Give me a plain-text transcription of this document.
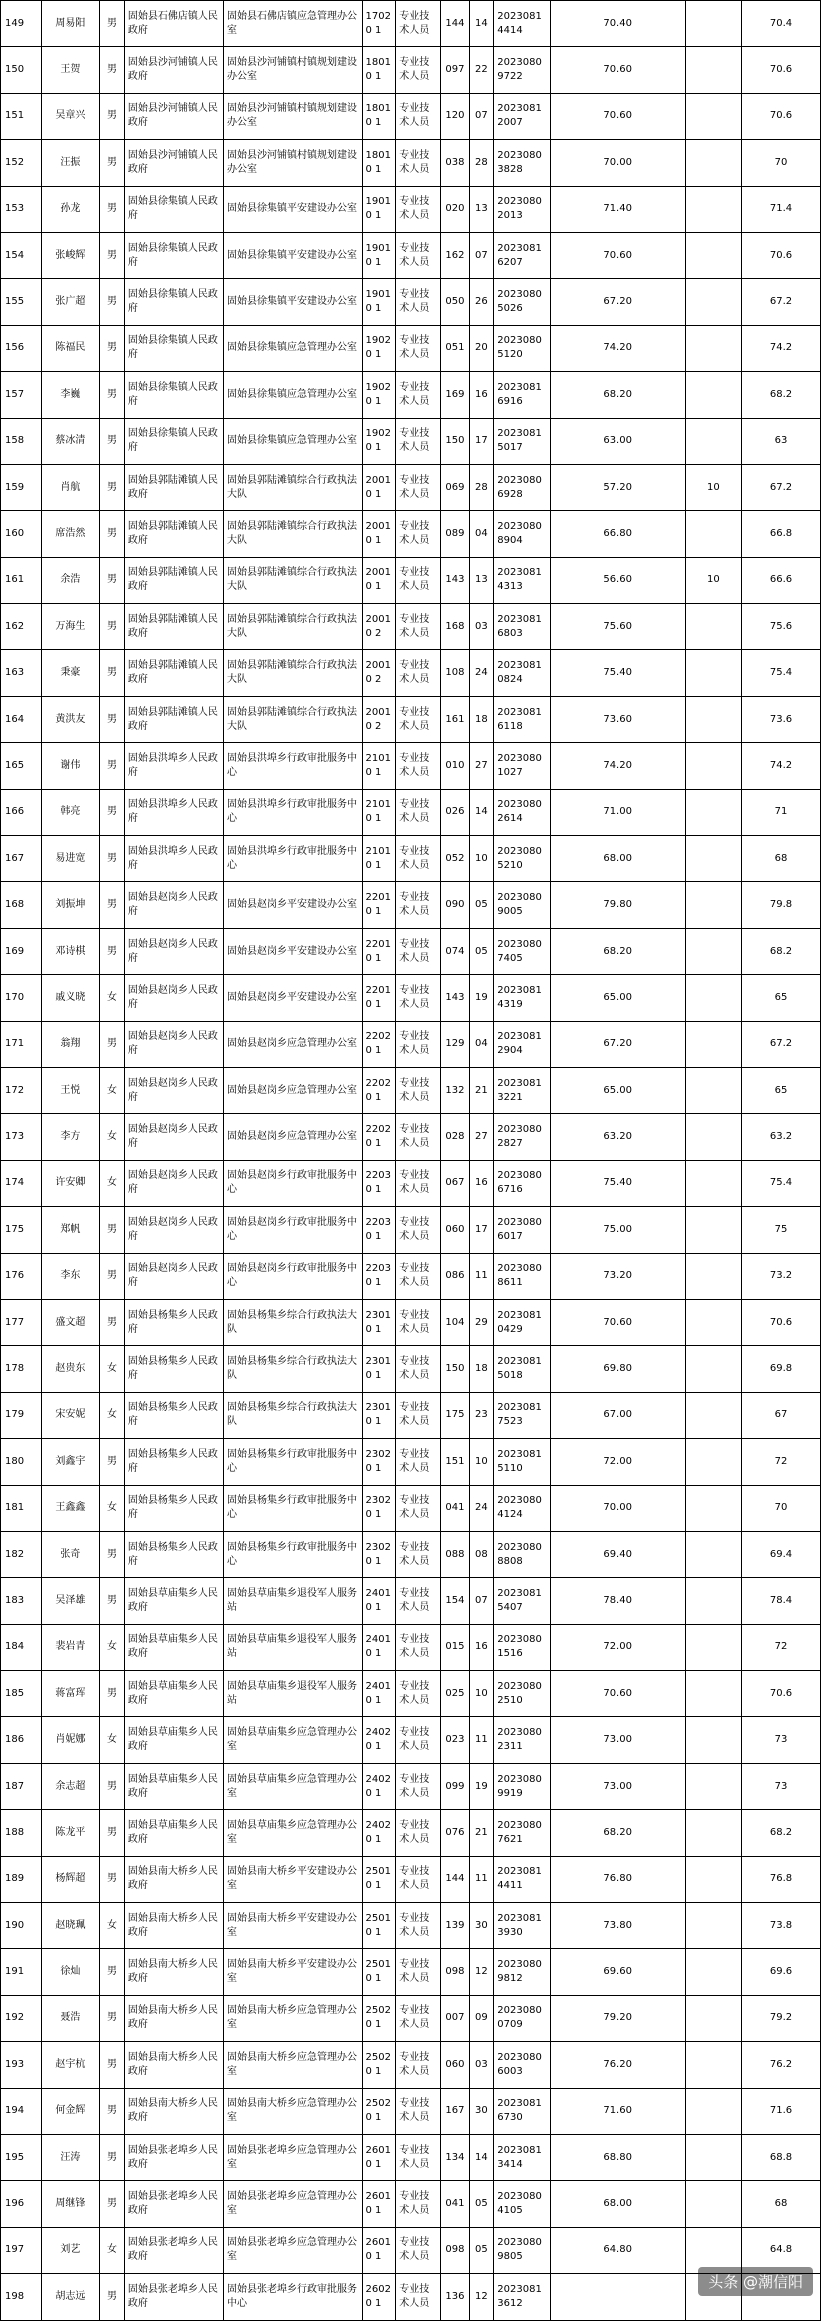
149	周易阳	男	固始县石佛店镇人民政府	固始县石佛店镇应急管理办公室	17020 1	专业技术人员	144	14	2023081 4414	70.40		70.4
150	王贺	男	固始县沙河铺镇人民政府	固始县沙河铺镇村镇规划建设办公室	18010 1	专业技术人员	097	22	2023080 9722	70.60		70.6
151	吴章兴	男	固始县沙河铺镇人民政府	固始县沙河铺镇村镇规划建设办公室	18010 1	专业技术人员	120	07	2023081 2007	70.60		70.6
152	汪振	男	固始县沙河铺镇人民政府	固始县沙河铺镇村镇规划建设办公室	18010 1	专业技术人员	038	28	2023080 3828	70.00		70
153	孙龙	男	固始县徐集镇人民政府	固始县徐集镇平安建设办公室	19010 1	专业技术人员	020	13	2023080 2013	71.40		71.4
154	张峻辉	男	固始县徐集镇人民政府	固始县徐集镇平安建设办公室	19010 1	专业技术人员	162	07	2023081 6207	70.60		70.6
155	张广超	男	固始县徐集镇人民政府	固始县徐集镇平安建设办公室	19010 1	专业技术人员	050	26	2023080 5026	67.20		67.2
156	陈福民	男	固始县徐集镇人民政府	固始县徐集镇应急管理办公室	19020 1	专业技术人员	051	20	2023080 5120	74.20		74.2
157	李巍	男	固始县徐集镇人民政府	固始县徐集镇应急管理办公室	19020 1	专业技术人员	169	16	2023081 6916	68.20		68.2
158	蔡冰清	男	固始县徐集镇人民政府	固始县徐集镇应急管理办公室	19020 1	专业技术人员	150	17	2023081 5017	63.00		63
159	肖航	男	固始县郭陆滩镇人民政府	固始县郭陆滩镇综合行政执法大队	20010 1	专业技术人员	069	28	2023080 6928	57.20	10	67.2
160	席浩然	男	固始县郭陆滩镇人民政府	固始县郭陆滩镇综合行政执法大队	20010 1	专业技术人员	089	04	2023080 8904	66.80		66.8
161	余浩	男	固始县郭陆滩镇人民政府	固始县郭陆滩镇综合行政执法大队	20010 1	专业技术人员	143	13	2023081 4313	56.60	10	66.6
162	万海生	男	固始县郭陆滩镇人民政府	固始县郭陆滩镇综合行政执法大队	20010 2	专业技术人员	168	03	2023081 6803	75.60		75.6
163	秉豪	男	固始县郭陆滩镇人民政府	固始县郭陆滩镇综合行政执法大队	20010 2	专业技术人员	108	24	2023081 0824	75.40		75.4
164	黄洪友	男	固始县郭陆滩镇人民政府	固始县郭陆滩镇综合行政执法大队	20010 2	专业技术人员	161	18	2023081 6118	73.60		73.6
165	谢伟	男	固始县洪埠乡人民政府	固始县洪埠乡行政审批服务中心	21010 1	专业技术人员	010	27	2023080 1027	74.20		74.2
166	韩亮	男	固始县洪埠乡人民政府	固始县洪埠乡行政审批服务中心	21010 1	专业技术人员	026	14	2023080 2614	71.00		71
167	易进宽	男	固始县洪埠乡人民政府	固始县洪埠乡行政审批服务中心	21010 1	专业技术人员	052	10	2023080 5210	68.00		68
168	刘振坤	男	固始县赵岗乡人民政府	固始县赵岗乡平安建设办公室	22010 1	专业技术人员	090	05	2023080 9005	79.80		79.8
169	邓诗棋	男	固始县赵岗乡人民政府	固始县赵岗乡平安建设办公室	22010 1	专业技术人员	074	05	2023080 7405	68.20		68.2
170	戚义晓	女	固始县赵岗乡人民政府	固始县赵岗乡平安建设办公室	22010 1	专业技术人员	143	19	2023081 4319	65.00		65
171	翁翔	男	固始县赵岗乡人民政府	固始县赵岗乡应急管理办公室	22020 1	专业技术人员	129	04	2023081 2904	67.20		67.2
172	王悦	女	固始县赵岗乡人民政府	固始县赵岗乡应急管理办公室	22020 1	专业技术人员	132	21	2023081 3221	65.00		65
173	李方	女	固始县赵岗乡人民政府	固始县赵岗乡应急管理办公室	22020 1	专业技术人员	028	27	2023080 2827	63.20		63.2
174	许安卿	女	固始县赵岗乡人民政府	固始县赵岗乡行政审批服务中心	22030 1	专业技术人员	067	16	2023080 6716	75.40		75.4
175	郑帆	男	固始县赵岗乡人民政府	固始县赵岗乡行政审批服务中心	22030 1	专业技术人员	060	17	2023080 6017	75.00		75
176	李东	男	固始县赵岗乡人民政府	固始县赵岗乡行政审批服务中心	22030 1	专业技术人员	086	11	2023080 8611	73.20		73.2
177	盛文超	男	固始县杨集乡人民政府	固始县杨集乡综合行政执法大队	23010 1	专业技术人员	104	29	2023081 0429	70.60		70.6
178	赵贵东	女	固始县杨集乡人民政府	固始县杨集乡综合行政执法大队	23010 1	专业技术人员	150	18	2023081 5018	69.80		69.8
179	宋安妮	女	固始县杨集乡人民政府	固始县杨集乡综合行政执法大队	23010 1	专业技术人员	175	23	2023081 7523	67.00		67
180	刘鑫宇	男	固始县杨集乡人民政府	固始县杨集乡行政审批服务中心	23020 1	专业技术人员	151	10	2023081 5110	72.00		72
181	王鑫鑫	女	固始县杨集乡人民政府	固始县杨集乡行政审批服务中心	23020 1	专业技术人员	041	24	2023080 4124	70.00		70
182	张奇	男	固始县杨集乡人民政府	固始县杨集乡行政审批服务中心	23020 1	专业技术人员	088	08	2023080 8808	69.40		69.4
183	吴泽雄	男	固始县草庙集乡人民政府	固始县草庙集乡退役军人服务站	24010 1	专业技术人员	154	07	2023081 5407	78.40		78.4
184	裴岩青	女	固始县草庙集乡人民政府	固始县草庙集乡退役军人服务站	24010 1	专业技术人员	015	16	2023080 1516	72.00		72
185	蒋富珲	男	固始县草庙集乡人民政府	固始县草庙集乡退役军人服务站	24010 1	专业技术人员	025	10	2023080 2510	70.60		70.6
186	肖妮娜	女	固始县草庙集乡人民政府	固始县草庙集乡应急管理办公室	24020 1	专业技术人员	023	11	2023080 2311	73.00		73
187	余志超	男	固始县草庙集乡人民政府	固始县草庙集乡应急管理办公室	24020 1	专业技术人员	099	19	2023080 9919	73.00		73
188	陈龙平	男	固始县草庙集乡人民政府	固始县草庙集乡应急管理办公室	24020 1	专业技术人员	076	21	2023080 7621	68.20		68.2
189	杨辉超	男	固始县南大桥乡人民政府	固始县南大桥乡平安建设办公室	25010 1	专业技术人员	144	11	2023081 4411	76.80		76.8
190	赵晓珮	女	固始县南大桥乡人民政府	固始县南大桥乡平安建设办公室	25010 1	专业技术人员	139	30	2023081 3930	73.80		73.8
191	徐灿	男	固始县南大桥乡人民政府	固始县南大桥乡平安建设办公室	25010 1	专业技术人员	098	12	2023080 9812	69.60		69.6
192	聂浩	男	固始县南大桥乡人民政府	固始县南大桥乡应急管理办公室	25020 1	专业技术人员	007	09	2023080 0709	79.20		79.2
193	赵宇杭	男	固始县南大桥乡人民政府	固始县南大桥乡应急管理办公室	25020 1	专业技术人员	060	03	2023080 6003	76.20		76.2
194	何金辉	男	固始县南大桥乡人民政府	固始县南大桥乡应急管理办公室	25020 1	专业技术人员	167	30	2023081 6730	71.60		71.6
195	汪涛	男	固始县张老埠乡人民政府	固始县张老埠乡应急管理办公室	26010 1	专业技术人员	134	14	2023081 3414	68.80		68.8
196	周继锋	男	固始县张老埠乡人民政府	固始县张老埠乡应急管理办公室	26010 1	专业技术人员	041	05	2023080 4105	68.00		68
197	刘艺	女	固始县张老埠乡人民政府	固始县张老埠乡应急管理办公室	26010 1	专业技术人员	098	05	2023080 9805	64.80		64.8
198	胡志远	男	固始县张老埠乡人民政府	固始县张老埠乡行政审批服务中心	26020 1	专业技术人员	136	12	2023081 3612			
头条 @潮信阳
